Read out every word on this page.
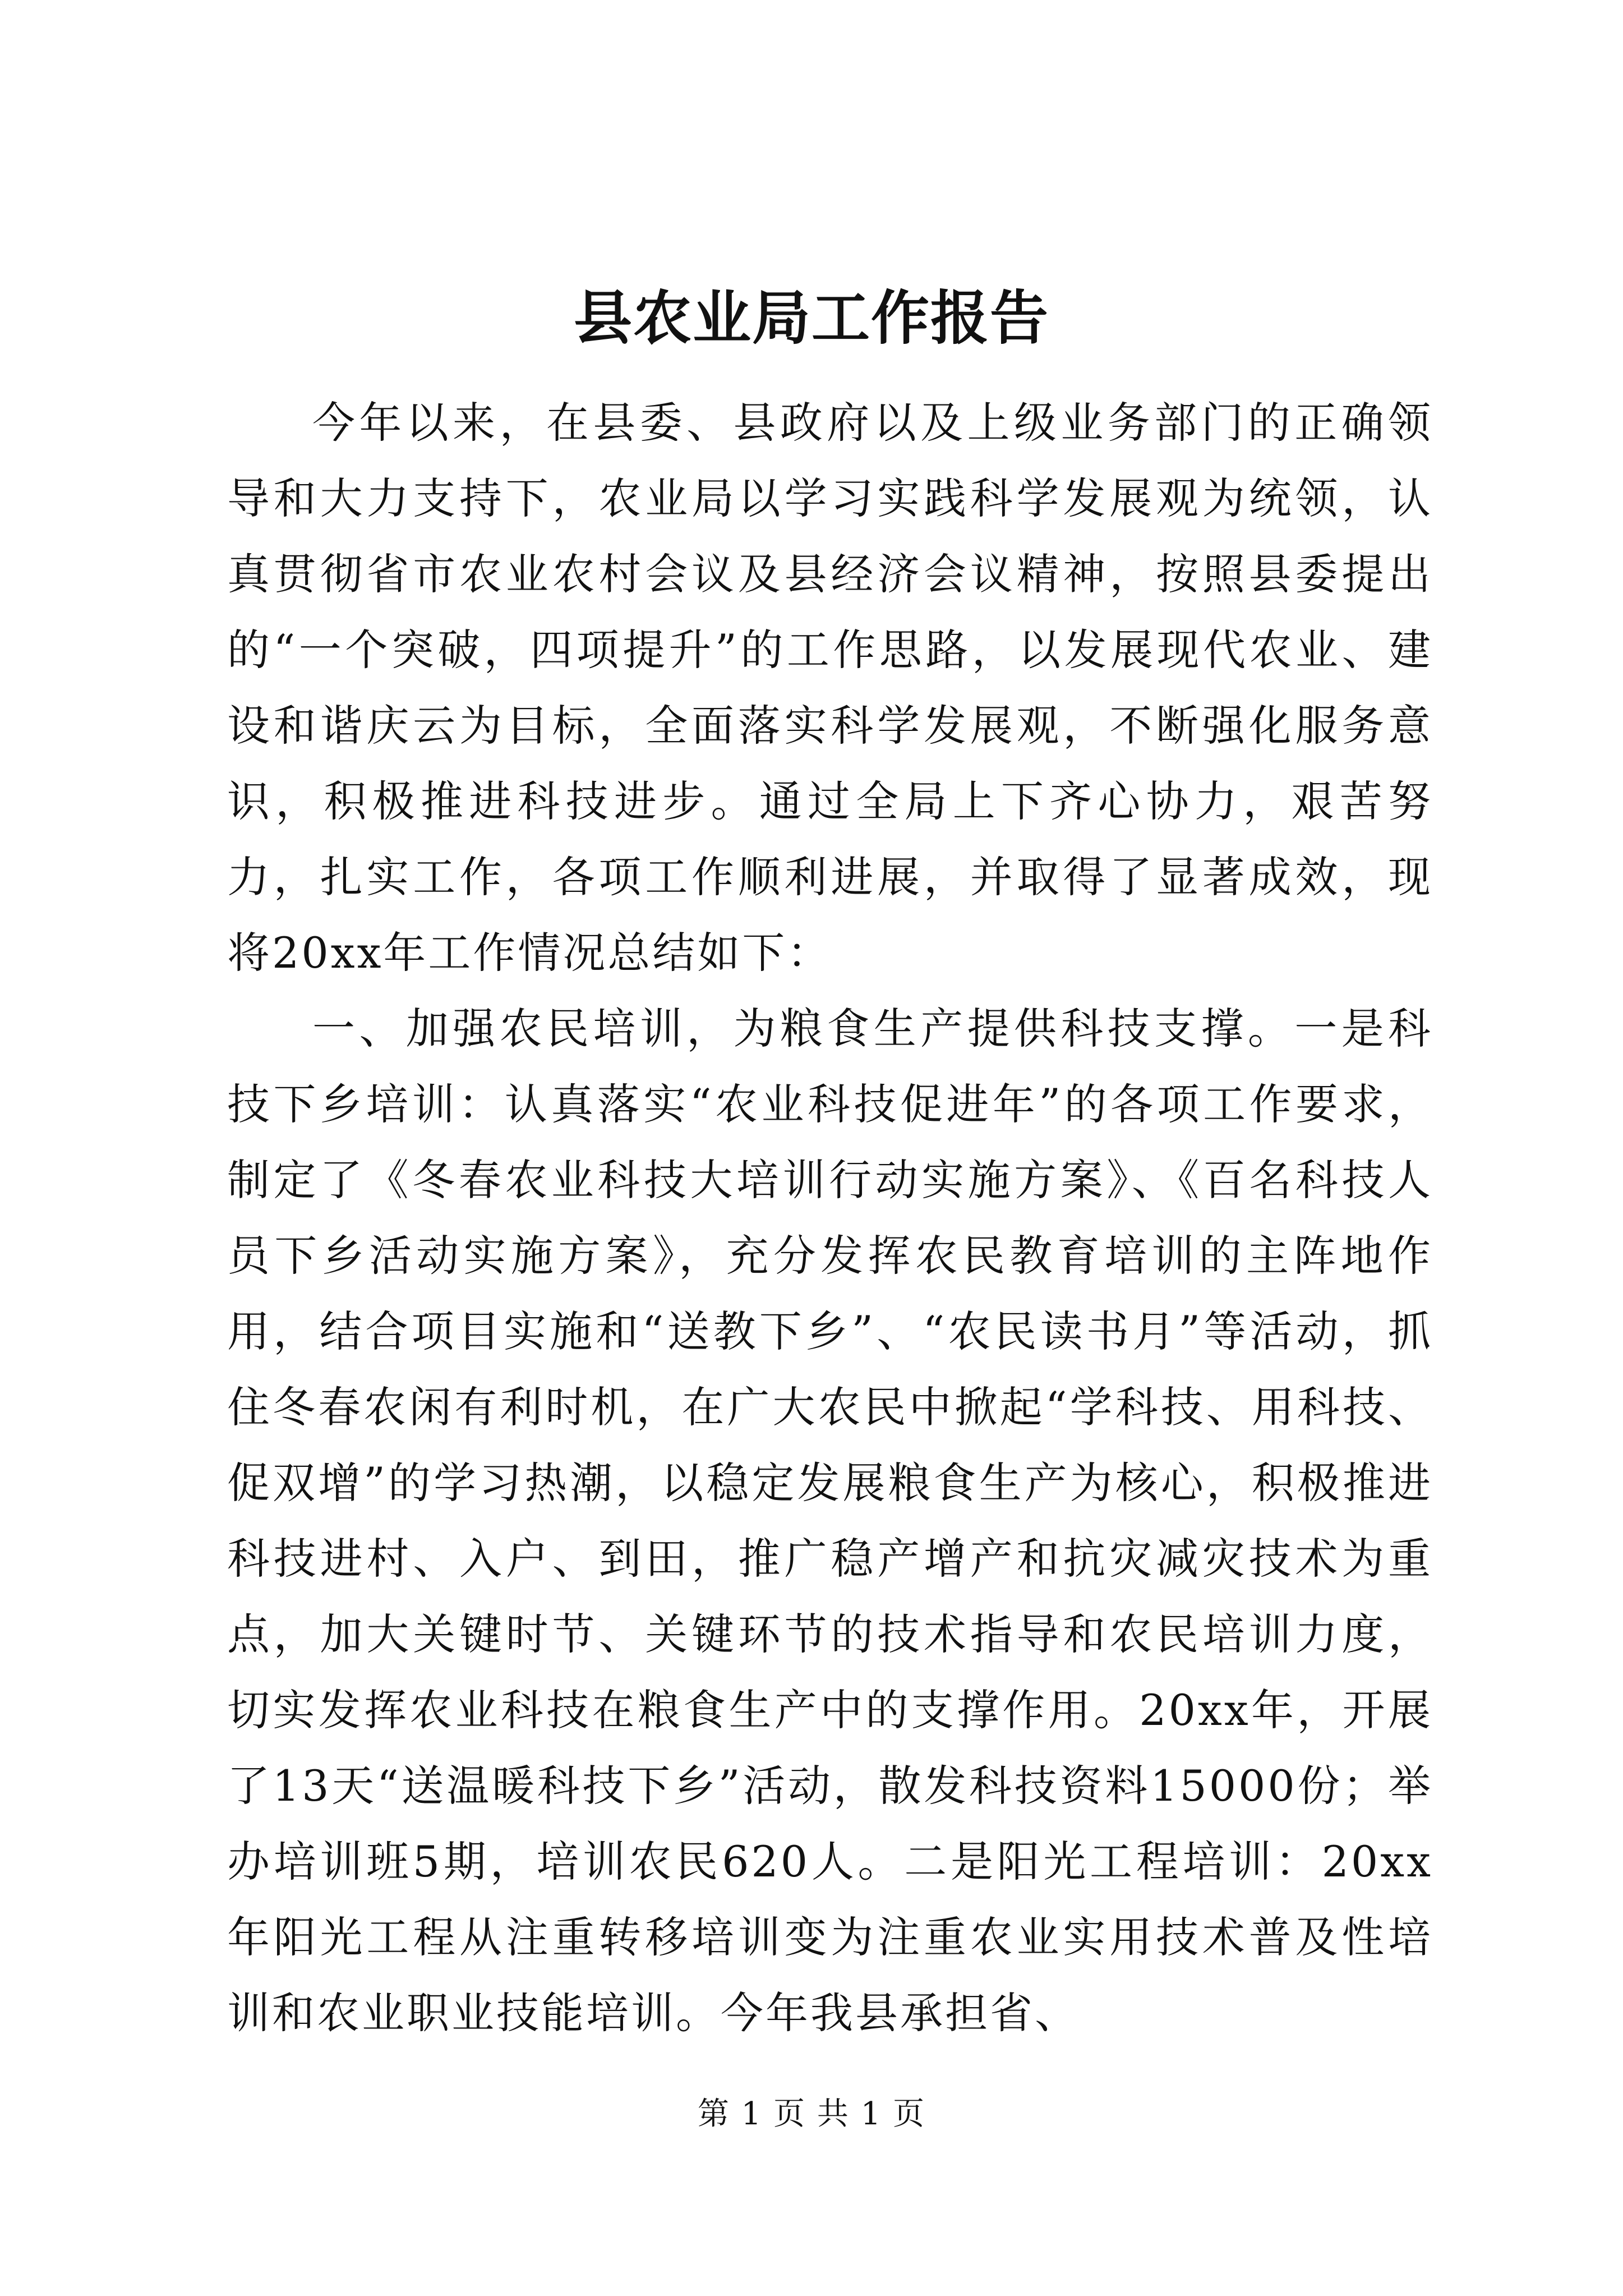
县农业局工作报告

今年以来，在县委、县政府以及上级业务部门的正确领导和大力支持下，农业局以学习实践科学发展观为统领，认真贯彻省市农业农村会议及县经济会议精神，按照县委提出的“一个突破，四项提升”的工作思路，以发展现代农业、建设和谐庆云为目标，全面落实科学发展观，不断强化服务意识，积极推进科技进步。通过全局上下齐心协力，艰苦努力，扎实工作，各项工作顺利进展，并取得了显著成效，现将20xx年工作情况总结如下：

一、加强农民培训，为粮食生产提供科技支撑。一是科技下乡培训：认真落实“农业科技促进年”的各项工作要求，制定了《冬春农业科技大培训行动实施方案》、《百名科技人员下乡活动实施方案》，充分发挥农民教育培训的主阵地作用，结合项目实施和“送教下乡”、“农民读书月”等活动，抓住冬春农闲有利时机，在广大农民中掀起“学科技、用科技、促双增”的学习热潮，以稳定发展粮食生产为核心，积极推进科技进村、入户、到田，推广稳产增产和抗灾减灾技术为重点，加大关键时节、关键环节的技术指导和农民培训力度，切实发挥农业科技在粮食生产中的支撑作用。20xx年，开展了13天“送温暖科技下乡”活动，散发科技资料15000份；举办培训班5期，培训农民620人。二是阳光工程培训：20xx年阳光工程从注重转移培训变为注重农业实用技术普及性培训和农业职业技能培训。今年我县承担省、

第 1 页 共 1 页
